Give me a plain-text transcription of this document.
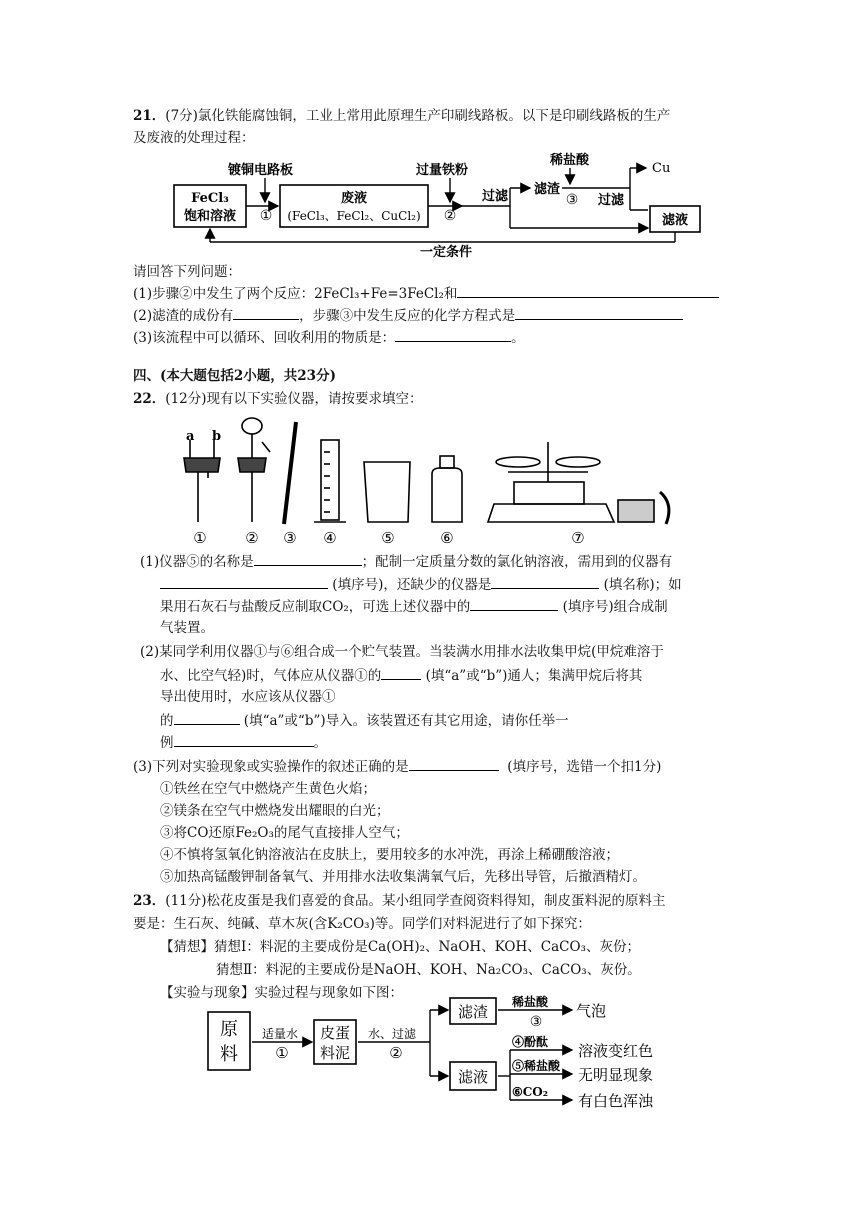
21．(7分)氯化铁能腐蚀铜，工业上常用此原理生产印刷线路板。以下是印刷线路板的生产
及废液的处理过程：
FeCl₃
饱和溶液
镀铜电路板
①
废液
(FeCl₃、FeCl₂、CuCl₂)
过量铁粉
②
过滤 滤渣
稀盐酸
③ 过滤
Cu
滤液
一定条件
请回答下列问题：
(1)步骤②中发生了两个反应：2FeCl₃+Fe=3FeCl₂和
(2)滤渣的成份有	，步骤③中发生反应的化学方程式是
(3)该流程中可以循环、回收利用的物质是：	。
四、(本大题包括2小题，共23分)
22．(12分)现有以下实验仪器，请按要求填空：
a b
①	② ③ ④	⑤	⑥	⑦
(1)仪器⑤的名称是	；配制一定质量分数的氯化钠溶液，需用到的仪器有
(填序号)，还缺少的仪器是	(填名称)；如
果用石灰石与盐酸反应制取CO₂，可选上述仪器中的	(填序号)组合成制
气装置。
(2)某同学利用仪器①与⑥组合成一个贮气装置。当装满水用排水法收集甲烷(甲烷难溶于
水、比空气轻)时，气体应从仪器①的	(填“a”或“b”)通人；集满甲烷后将其
导出使用时，水应该从仪器①
的	(填“a”或“b”)导入。该装置还有其它用途，请你任举一
例	。
(3)下列对实验现象或实验操作的叙述正确的是	(填序号，选错一个扣1分)
①铁丝在空气中燃烧产生黄色火焰；
②镁条在空气中燃烧发出耀眼的白光；
③将CO还原Fe₂O₃的尾气直接排人空气；
④不慎将氢氧化钠溶液沾在皮肤上，要用较多的水冲洗，再涂上稀硼酸溶液；
⑤加热高锰酸钾制备氧气、并用排水法收集满氧气后，先移出导管，后撤酒精灯。
23．(11分)松花皮蛋是我们喜爱的食品。某小组同学查阅资料得知，制皮蛋料泥的原料主
要是：生石灰、纯碱、草木灰(含K₂CO₃)等。同学们对料泥进行了如下探究：
【猜想】猜想Ⅰ：料泥的主要成份是Ca(OH)₂、NaOH、KOH、CaCO₃、灰份；
猜想Ⅱ：料泥的主要成份是NaOH、KOH、Na₂CO₃、CaCO₃、灰份。
【实验与现象】实验过程与现象如下图：
原
料
适量水
①
皮蛋
料泥
水、过滤
②
滤渣
稀盐酸
③
气泡
滤液
④酚酞
⑤稀盐酸
⑥CO₂
溶液变红色
无明显现象
有白色浑浊
